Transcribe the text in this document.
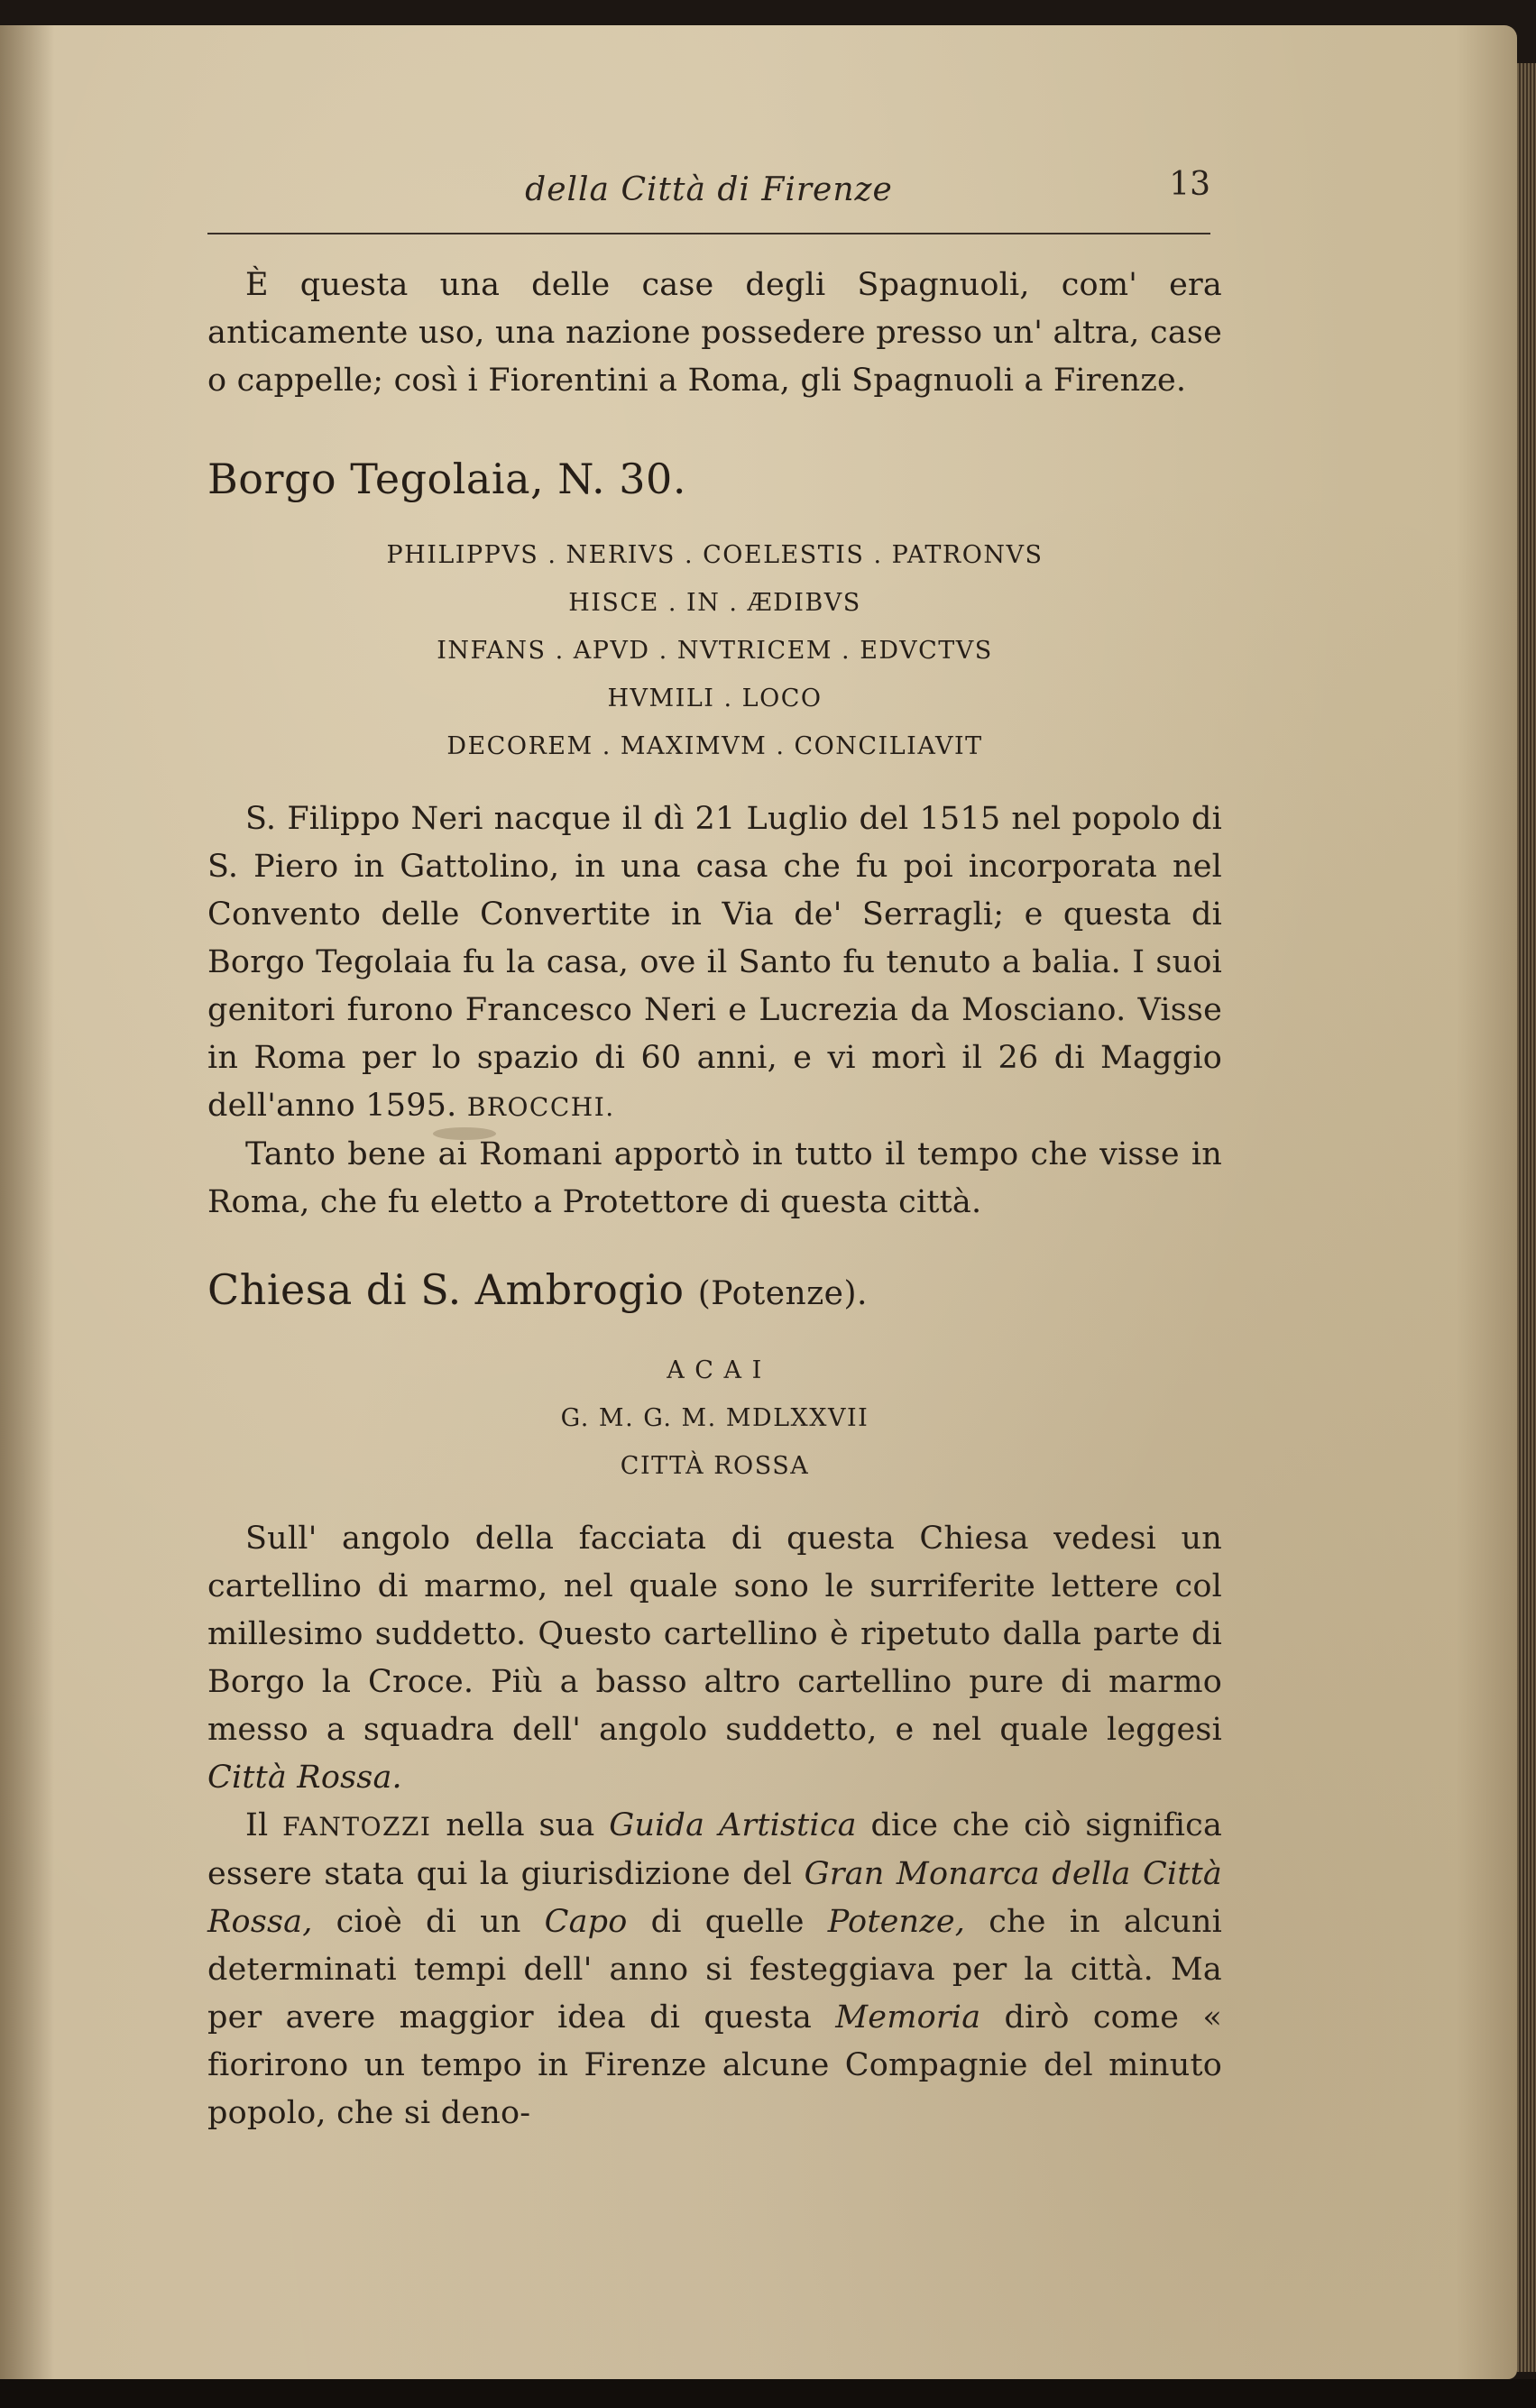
della Città di Firenze	13

È questa una delle case degli Spagnuoli, com' era anticamente uso, una nazione possedere presso un' altra, case o cappelle; così i Fiorentini a Roma, gli Spagnuoli a Firenze.

Borgo Tegolaia, N. 30.
PHILIPPVS . NERIVS . COELESTIS . PATRONVS
HISCE . IN . ÆDIBVS
INFANS . APVD . NVTRICEM . EDVCTVS
HVMILI . LOCO
DECOREM . MAXIMVM . CONCILIAVIT

S. Filippo Neri nacque il dì 21 Luglio del 1515 nel popolo di S. Piero in Gattolino, in una casa che fu poi incorporata nel Convento delle Convertite in Via de' Serragli; e questa di Borgo Tegolaia fu la casa, ove il Santo fu tenuto a balia. I suoi genitori furono Francesco Neri e Lucrezia da Mosciano. Visse in Roma per lo spazio di 60 anni, e vi morì il 26 di Maggio dell'anno 1595. BROCCHI.

Tanto bene ai Romani apportò in tutto il tempo che visse in Roma, che fu eletto a Protettore di questa città.

Chiesa di S. Ambrogio (Potenze).
A C A I
G. M. G. M. MDLXXVII
CITTÀ ROSSA

Sull' angolo della facciata di questa Chiesa vedesi un cartellino di marmo, nel quale sono le surriferite lettere col millesimo suddetto. Questo cartellino è ripetuto dalla parte di Borgo la Croce. Più a basso altro cartellino pure di marmo messo a squadra dell' angolo suddetto, e nel quale leggesi Città Rossa.

Il FANTOZZI nella sua Guida Artistica dice che ciò significa essere stata qui la giurisdizione del Gran Monarca della Città Rossa, cioè di un Capo di quelle Potenze, che in alcuni determinati tempi dell' anno si festeggiava per la città. Ma per avere maggior idea di questa Memoria dirò come « fiorirono un tempo in Firenze alcune Compagnie del minuto popolo, che si deno-
